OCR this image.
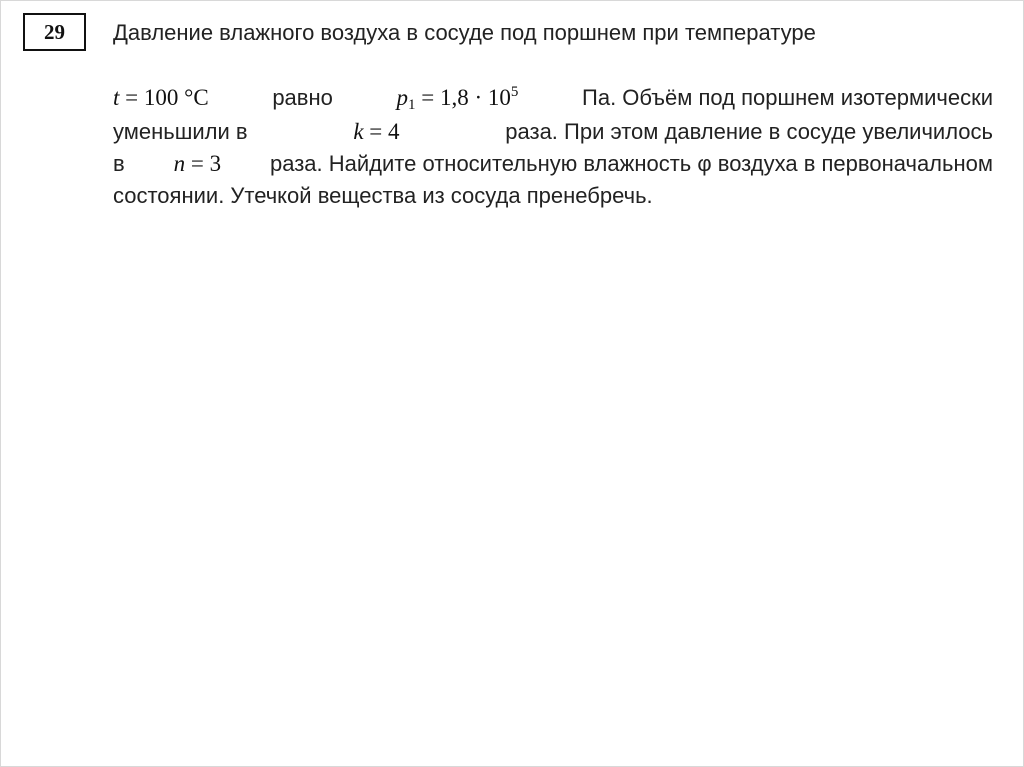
29 Давление влажного воздуха в сосуде под поршнем при температуре
t = 100 °С	равно	$p_1 = 1,8 \cdot 10^5$	Па. Объём под поршнем изотермически
уменьшили в	k = 4	раза. При этом давление в сосуде увеличилось
в n = 3 раза. Найдите относительную влажность φ воздуха в первоначальном
состоянии. Утечкой вещества из сосуда пренебречь.
